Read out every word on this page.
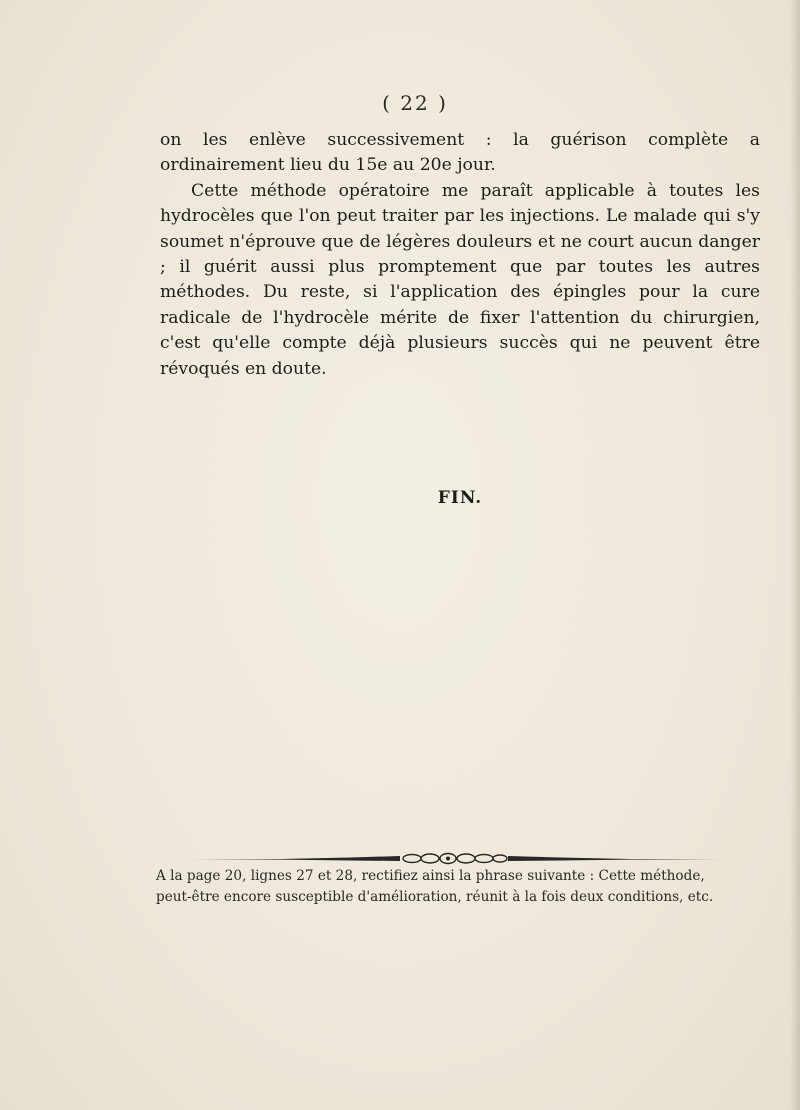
( 22 )

on les enlève successivement : la guérison complète a ordinairement lieu du 15e au 20e jour.

Cette méthode opératoire me paraît applicable à toutes les hydrocèles que l'on peut traiter par les injections. Le malade qui s'y soumet n'éprouve que de légères douleurs et ne court aucun danger ; il guérit aussi plus promptement que par toutes les autres méthodes. Du reste, si l'application des épingles pour la cure radicale de l'hydrocèle mérite de fixer l'attention du chirurgien, c'est qu'elle compte déjà plusieurs succès qui ne peuvent être révoqués en doute.

FIN.
A la page 20, lignes 27 et 28, rectifiez ainsi la phrase suivante : Cette méthode,
peut-être encore susceptible d'amélioration, réunit à la fois deux conditions, etc.
